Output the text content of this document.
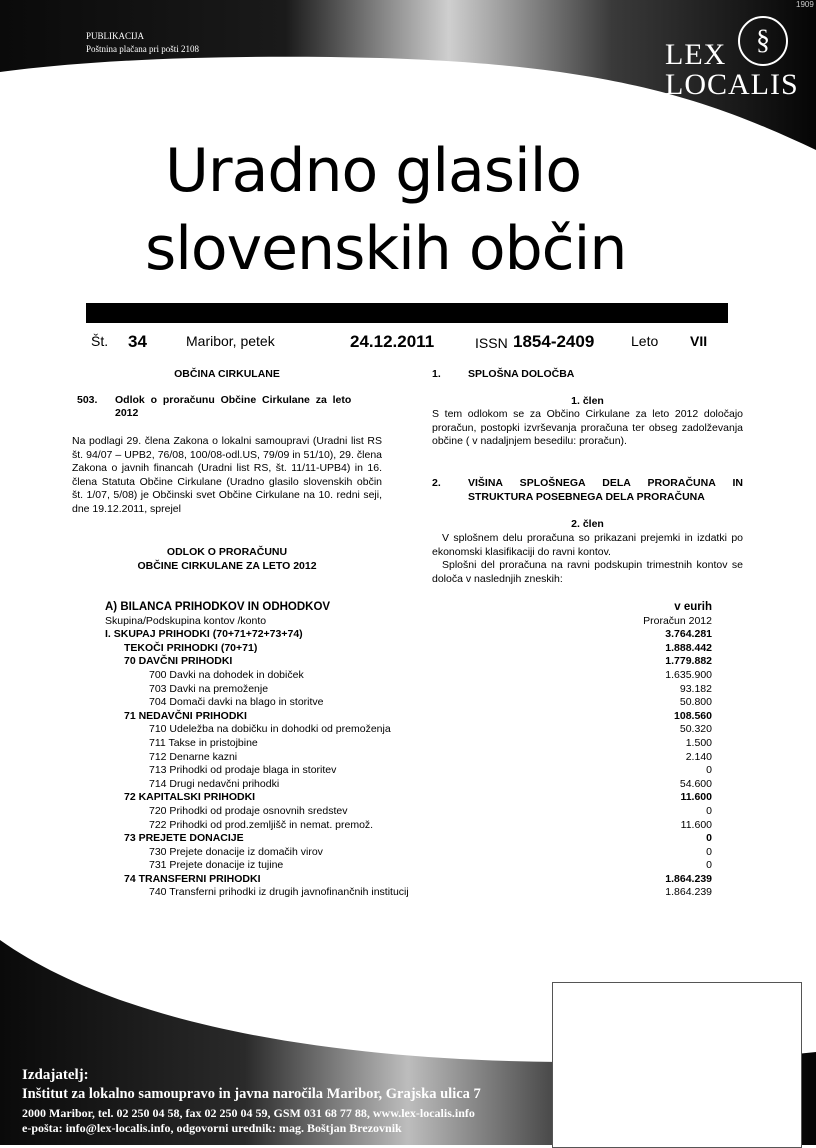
PUBLIKACIJA
Poštnina plačana pri pošti 2108	§
LEX
LOCALIS
1909
Uradno glasilo
slovenskih občin
Št. 34	Maribor, petek	24.12.2011	ISSN 1854-2409	Leto VII
OBČINA CIRKULANE
503. Odlok  o  proračunu  Občine  Cirkulane  za  leto
2012
Na podlagi 29. člena Zakona o lokalni samoupravi (Uradni list RS št. 94/07 – UPB2, 76/08, 100/08-odl.US, 79/09 in 51/10), 29. člena Zakona o javnih financah (Uradni list RS, št. 11/11-UPB4) in 16. člena Statuta Občine Cirkulane (Uradno glasilo slovenskih občin št. 1/07, 5/08) je Občinski svet Občine Cirkulane na 10. redni seji, dne 19.12.2011, sprejel
ODLOK O PRORAČUNU
OBČINE CIRKULANE ZA LETO 2012
1.	SPLOŠNA DOLOČBA
1. člen
S tem odlokom se za Občino Cirkulane za leto 2012 določajo proračun, postopki izvrševanja proračuna ter obseg zadolževanja občine ( v nadaljnjem besedilu: proračun).
2.	VIŠINA SPLOŠNEGA DELA PRORAČUNA IN
STRUKTURA POSEBNEGA DELA PRORAČUNA
2. člen
V splošnem delu proračuna so prikazani prejemki in izdatki po ekonomski klasifikaciji do ravni kontov.
Splošni del proračuna na ravni podskupin trimestnih kontov se določa v naslednjih zneskih:
A) BILANCA PRIHODKOV IN ODHODKOV	v eurih
Skupina/Podskupina kontov /konto	Proračun 2012
I. SKUPAJ PRIHODKI (70+71+72+73+74)	3.764.281
TEKOČI PRIHODKI (70+71)	1.888.442
70 DAVČNI PRIHODKI	1.779.882
700 Davki na dohodek in dobiček	1.635.900
703 Davki na premoženje	93.182
704 Domači davki na blago in storitve	50.800
71 NEDAVČNI PRIHODKI	108.560
710 Udeležba na dobičku in dohodki od premoženja	50.320
711 Takse in pristojbine	1.500
712 Denarne kazni	2.140
713 Prihodki od prodaje blaga in storitev	0
714 Drugi nedavčni prihodki	54.600
72 KAPITALSKI PRIHODKI	11.600
720 Prihodki od prodaje osnovnih sredstev	0
722 Prihodki od prod.zemljišč in nemat. premož.	11.600
73 PREJETE DONACIJE	0
730 Prejete donacije iz domačih virov	0
731 Prejete donacije iz tujine	0
74 TRANSFERNI PRIHODKI	1.864.239
740 Transferni prihodki iz drugih javnofinančnih institucij	1.864.239
Izdajatelj:
Inštitut za lokalno samoupravo in javna naročila Maribor, Grajska ulica 7
2000 Maribor, tel. 02 250 04 58, fax 02 250 04 59, GSM 031 68 77 88, www.lex-localis.info
e-pošta: info@lex-localis.info, odgovorni urednik: mag. Boštjan Brezovnik
